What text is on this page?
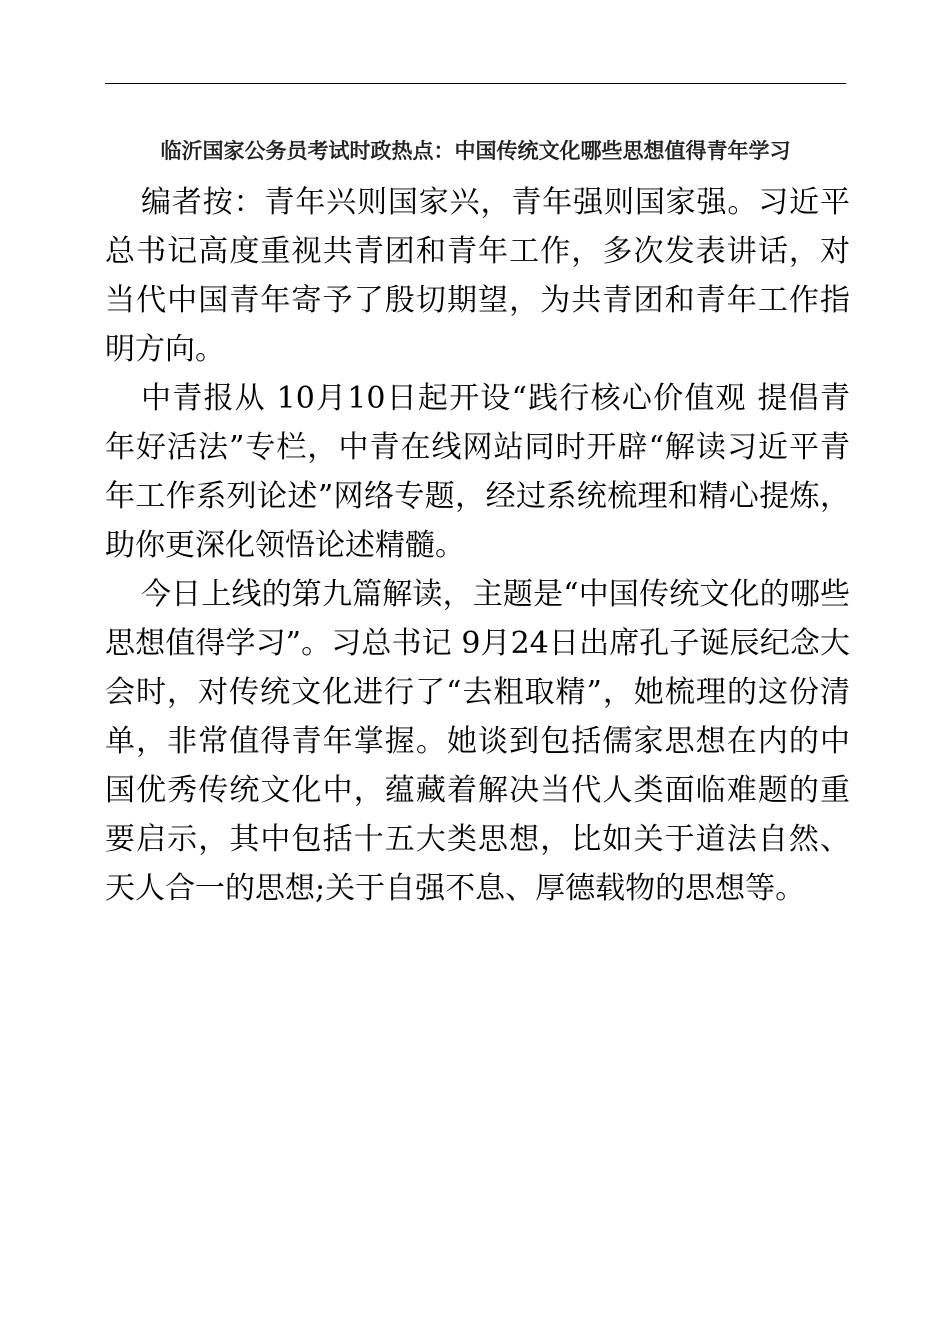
临沂国家公务员考试时政热点：中国传统文化哪些思想值得青年学习

编者按：青年兴则国家兴，青年强则国家强。习近平总书记高度重视共青团和青年工作，多次发表讲话，对当代中国青年寄予了殷切期望，为共青团和青年工作指明方向。

中青报从 10月10日起开设“践行核心价值观 提倡青年好活法”专栏，中青在线网站同时开辟“解读习近平青年工作系列论述”网络专题，经过系统梳理和精心提炼，助你更深化领悟论述精髓。

今日上线的第九篇解读，主题是“中国传统文化的哪些思想值得学习”。习总书记 9月24日出席孔子诞辰纪念大会时，对传统文化进行了“去粗取精”，她梳理的这份清单，非常值得青年掌握。她谈到包括儒家思想在内的中国优秀传统文化中，蕴藏着解决当代人类面临难题的重要启示，其中包括十五大类思想，比如关于道法自然、天人合一的思想;关于自强不息、厚德载物的思想等。
